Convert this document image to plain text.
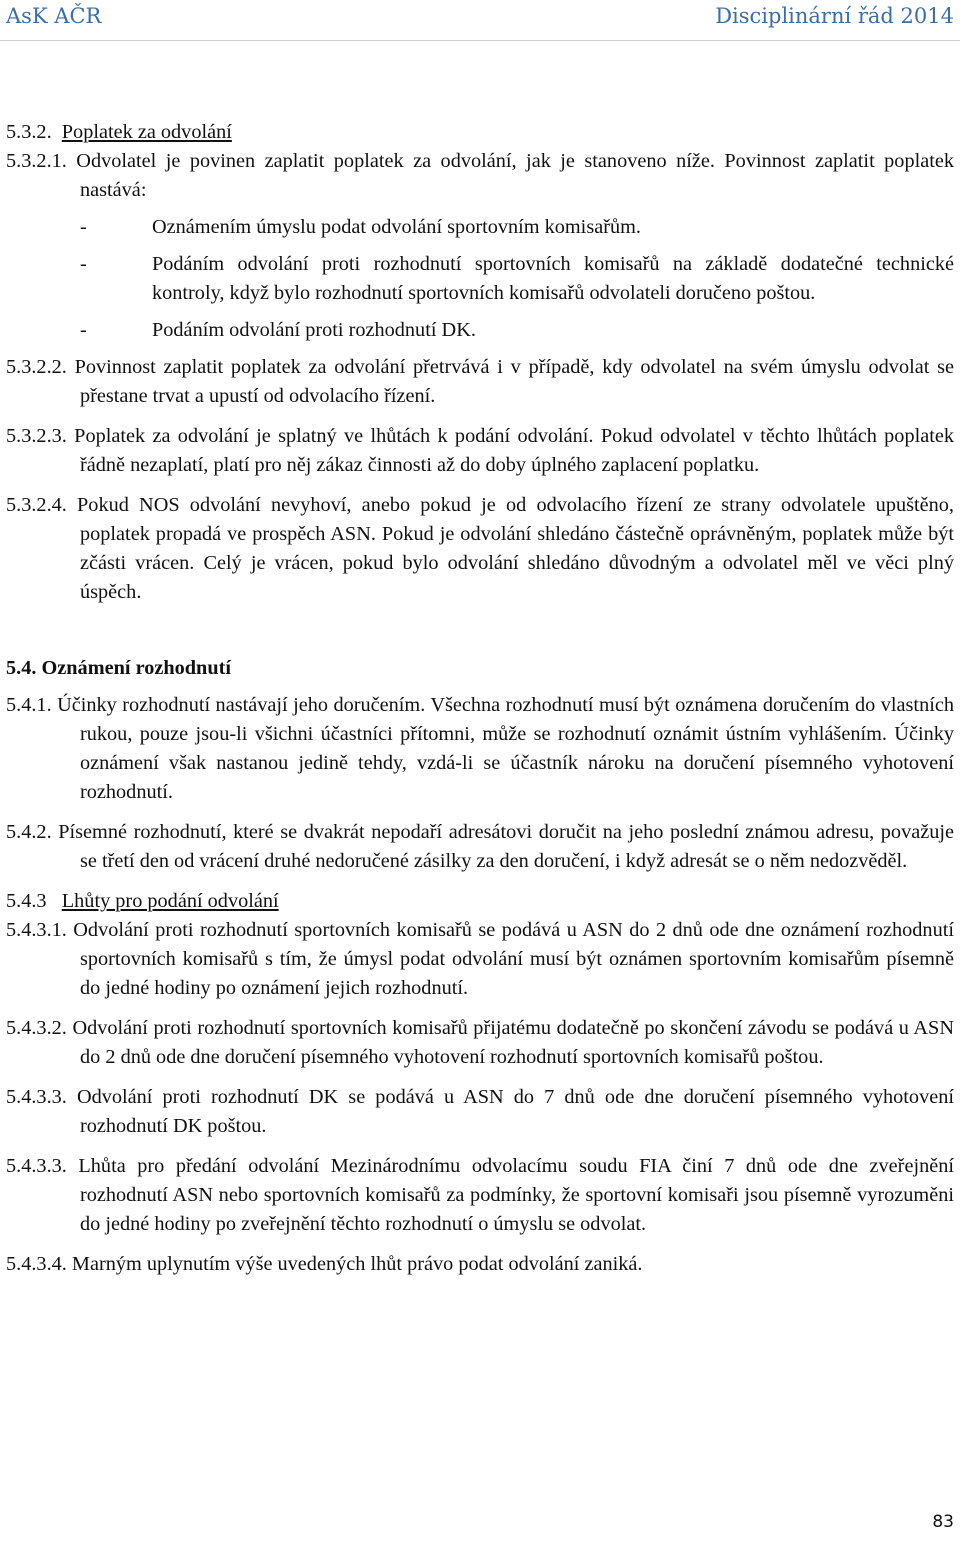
AsK AČR	Disciplinární řád 2014

5.3.2. Poplatek za odvolání

5.3.2.1. Odvolatel je povinen zaplatit poplatek za odvolání, jak je stanoveno níže. Povinnost zaplatit poplatek nastává:

-	Oznámením úmyslu podat odvolání sportovním komisařům.

-	Podáním odvolání proti rozhodnutí sportovních komisařů na základě dodatečné technické kontroly, když bylo rozhodnutí sportovních komisařů odvolateli doručeno poštou.

-	Podáním odvolání proti rozhodnutí DK.

5.3.2.2. Povinnost zaplatit poplatek za odvolání přetrvává i v případě, kdy odvolatel na svém úmyslu odvolat se přestane trvat a upustí od odvolacího řízení.

5.3.2.3. Poplatek za odvolání je splatný ve lhůtách k podání odvolání. Pokud odvolatel v těchto lhůtách poplatek řádně nezaplatí, platí pro něj zákaz činnosti až do doby úplného zaplacení poplatku.

5.3.2.4. Pokud NOS odvolání nevyhoví, anebo pokud je od odvolacího řízení ze strany odvolatele upuštěno, poplatek propadá ve prospěch ASN. Pokud je odvolání shledáno částečně oprávněným, poplatek může být zčásti vrácen. Celý je vrácen, pokud bylo odvolání shledáno důvodným a odvolatel měl ve věci plný úspěch.

5.4. Oznámení rozhodnutí

5.4.1. Účinky rozhodnutí nastávají jeho doručením. Všechna rozhodnutí musí být oznámena doručením do vlastních rukou, pouze jsou-li všichni účastníci přítomni, může se rozhodnutí oznámit ústním vyhlášením. Účinky oznámení však nastanou jedině tehdy, vzdá-li se účastník nároku na doručení písemného vyhotovení rozhodnutí.

5.4.2. Písemné rozhodnutí, které se dvakrát nepodaří adresátovi doručit na jeho poslední známou adresu, považuje se třetí den od vrácení druhé nedoručené zásilky za den doručení, i když adresát se o něm nedozvěděl.

5.4.3 Lhůty pro podání odvolání

5.4.3.1. Odvolání proti rozhodnutí sportovních komisařů se podává u ASN do 2 dnů ode dne oznámení rozhodnutí sportovních komisařů s tím, že úmysl podat odvolání musí být oznámen sportovním komisařům písemně do jedné hodiny po oznámení jejich rozhodnutí.

5.4.3.2. Odvolání proti rozhodnutí sportovních komisařů přijatému dodatečně po skončení závodu se podává u ASN do 2 dnů ode dne doručení písemného vyhotovení rozhodnutí sportovních komisařů poštou.

5.4.3.3. Odvolání proti rozhodnutí DK se podává u ASN do 7 dnů ode dne doručení písemného vyhotovení rozhodnutí DK poštou.

5.4.3.3. Lhůta pro předání odvolání Mezinárodnímu odvolacímu soudu FIA činí 7 dnů ode dne zveřejnění rozhodnutí ASN nebo sportovních komisařů za podmínky, že sportovní komisaři jsou písemně vyrozuměni do jedné hodiny po zveřejnění těchto rozhodnutí o úmyslu se odvolat.

5.4.3.4. Marným uplynutím výše uvedených lhůt právo podat odvolání zaniká.

83
